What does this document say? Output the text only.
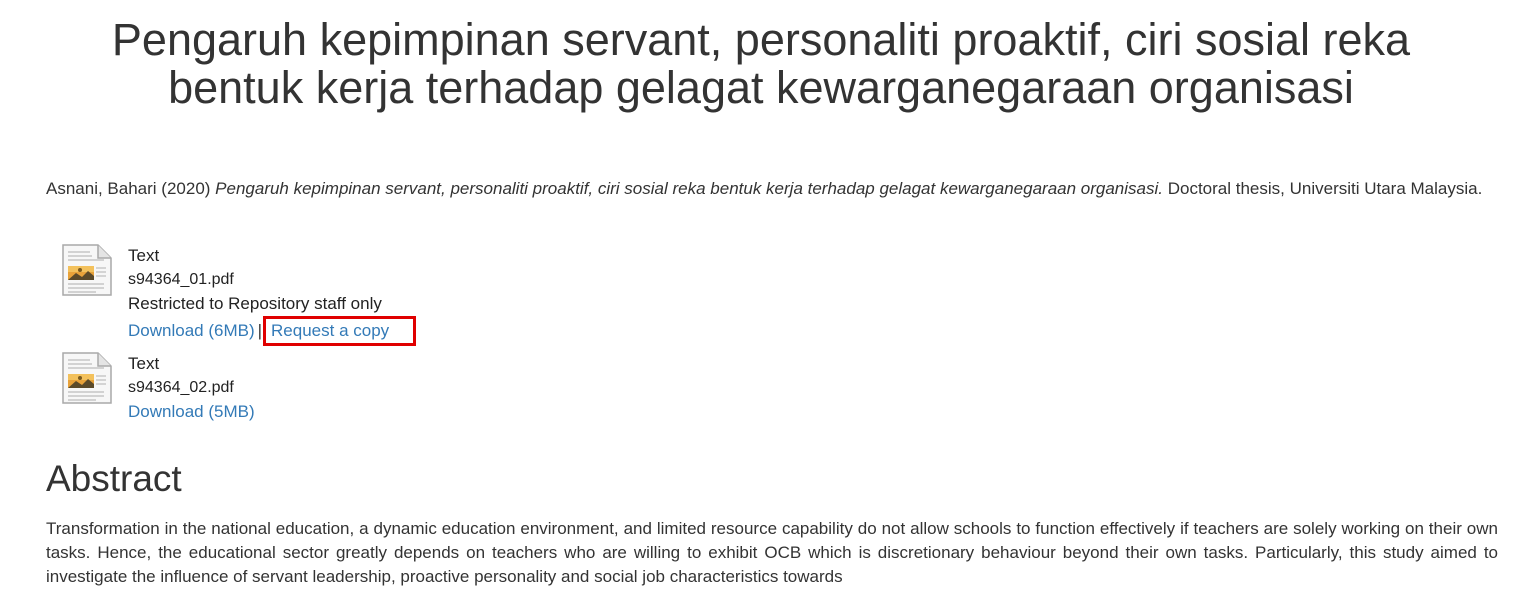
Pengaruh kepimpinan servant, personaliti proaktif, ciri sosial reka bentuk kerja terhadap gelagat kewarganegaraan organisasi

Asnani, Bahari (2020) Pengaruh kepimpinan servant, personaliti proaktif, ciri sosial reka bentuk kerja terhadap gelagat kewarganegaraan organisasi. Doctoral thesis, Universiti Utara Malaysia.

Text
s94364_01.pdf
Restricted to Repository staff only
Download (6MB) | Request a copy
Text
s94364_02.pdf
Download (5MB)
Abstract

Transformation in the national education, a dynamic education environment, and limited resource capability do not allow schools to function effectively if teachers are solely working on their own tasks. Hence, the educational sector greatly depends on teachers who are willing to exhibit OCB which is discretionary behaviour beyond their own tasks. Particularly, this study aimed to investigate the influence of servant leadership, proactive personality and social job characteristics towards
